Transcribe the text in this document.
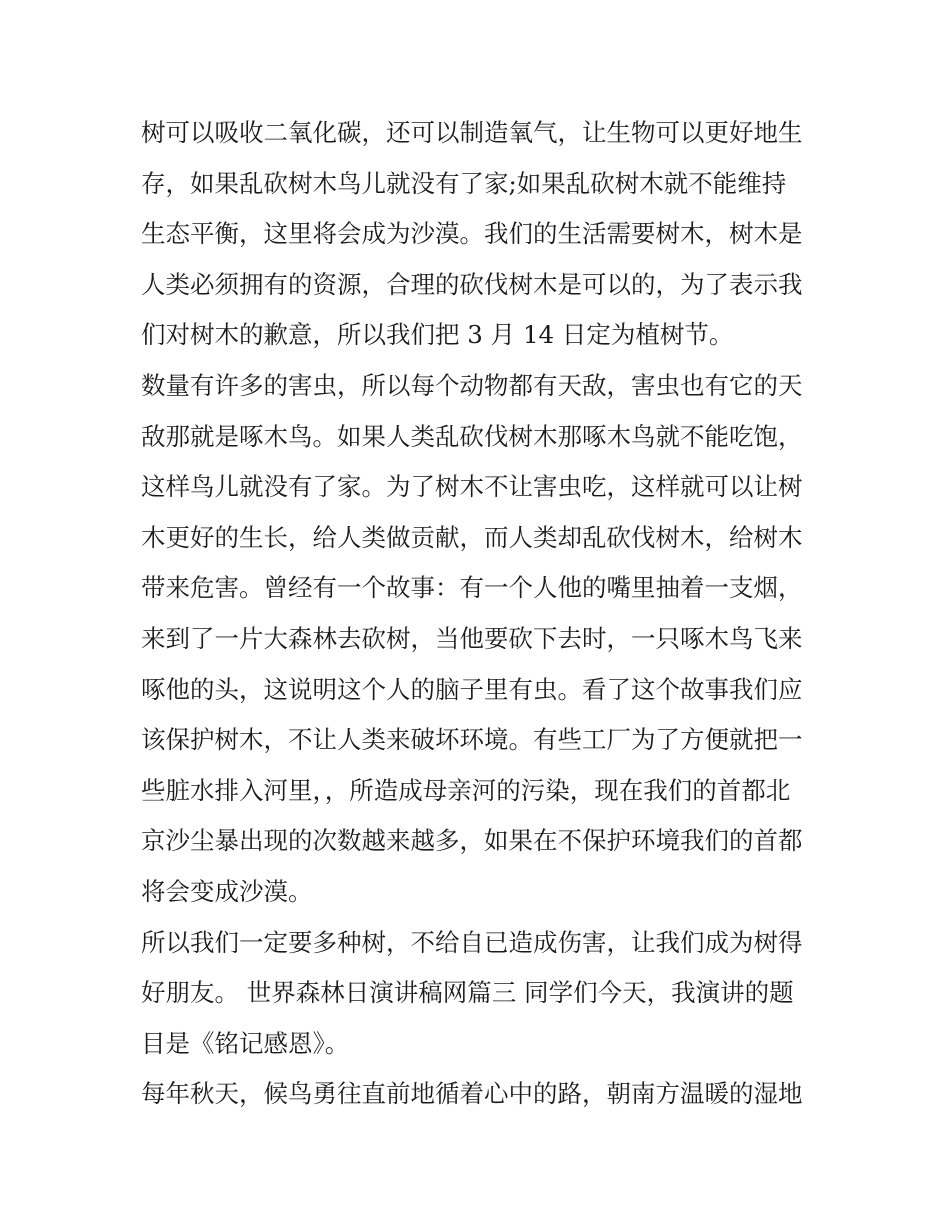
树可以吸收二氧化碳，还可以制造氧气，让生物可以更好地生
存，如果乱砍树木鸟儿就没有了家;如果乱砍树木就不能维持
生态平衡，这里将会成为沙漠。我们的生活需要树木，树木是
人类必须拥有的资源，合理的砍伐树木是可以的，为了表示我
们对树木的歉意，所以我们把 3 月 14 日定为植树节。
数量有许多的害虫，所以每个动物都有天敌，害虫也有它的天
敌那就是啄木鸟。如果人类乱砍伐树木那啄木鸟就不能吃饱，
这样鸟儿就没有了家。为了树木不让害虫吃，这样就可以让树
木更好的生长，给人类做贡献，而人类却乱砍伐树木，给树木
带来危害。曾经有一个故事：有一个人他的嘴里抽着一支烟，
来到了一片大森林去砍树，当他要砍下去时，一只啄木鸟飞来
啄他的头，这说明这个人的脑子里有虫。看了这个故事我们应
该保护树木，不让人类来破坏环境。有些工厂为了方便就把一
些脏水排入河里，，所造成母亲河的污染，现在我们的首都北
京沙尘暴出现的次数越来越多，如果在不保护环境我们的首都
将会变成沙漠。
所以我们一定要多种树，不给自已造成伤害，让我们成为树得
好朋友。 世界森林日演讲稿网篇三 同学们今天，我演讲的题
目是《铭记感恩》。
每年秋天，候鸟勇往直前地循着心中的路，朝南方温暖的湿地
